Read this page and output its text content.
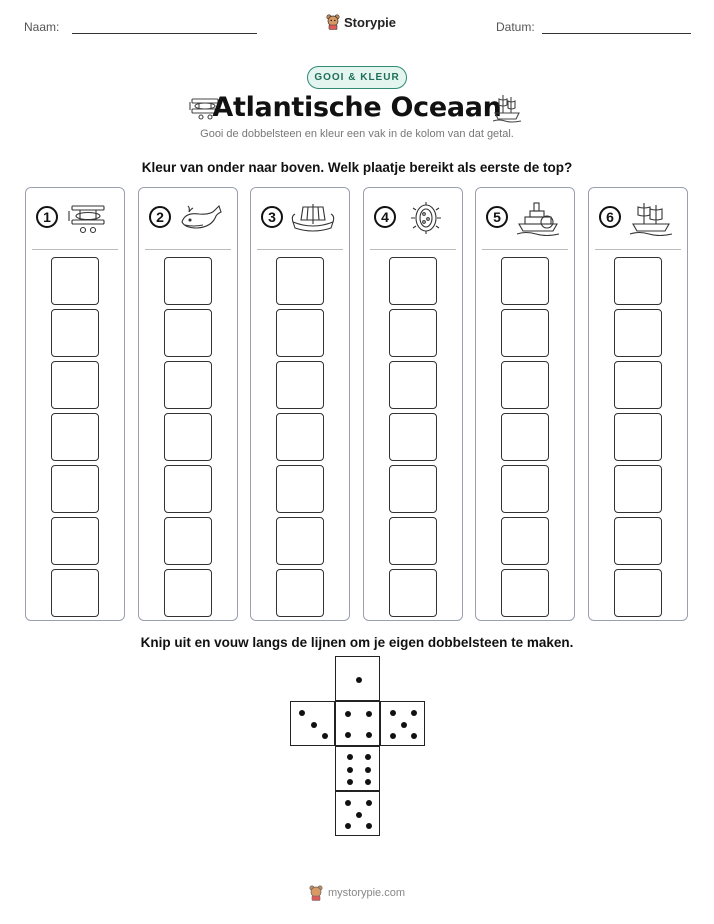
Naam:	Storypie	Datum:
GOOI & KLEUR
Atlantische Oceaan
Gooi de dobbelsteen en kleur een vak in de kolom van dat getal.
Kleur van onder naar boven. Welk plaatje bereikt als eerste de top?
1	2	3	4	5	6
Knip uit en vouw langs de lijnen om je eigen dobbelsteen te maken.
mystorypie.com
